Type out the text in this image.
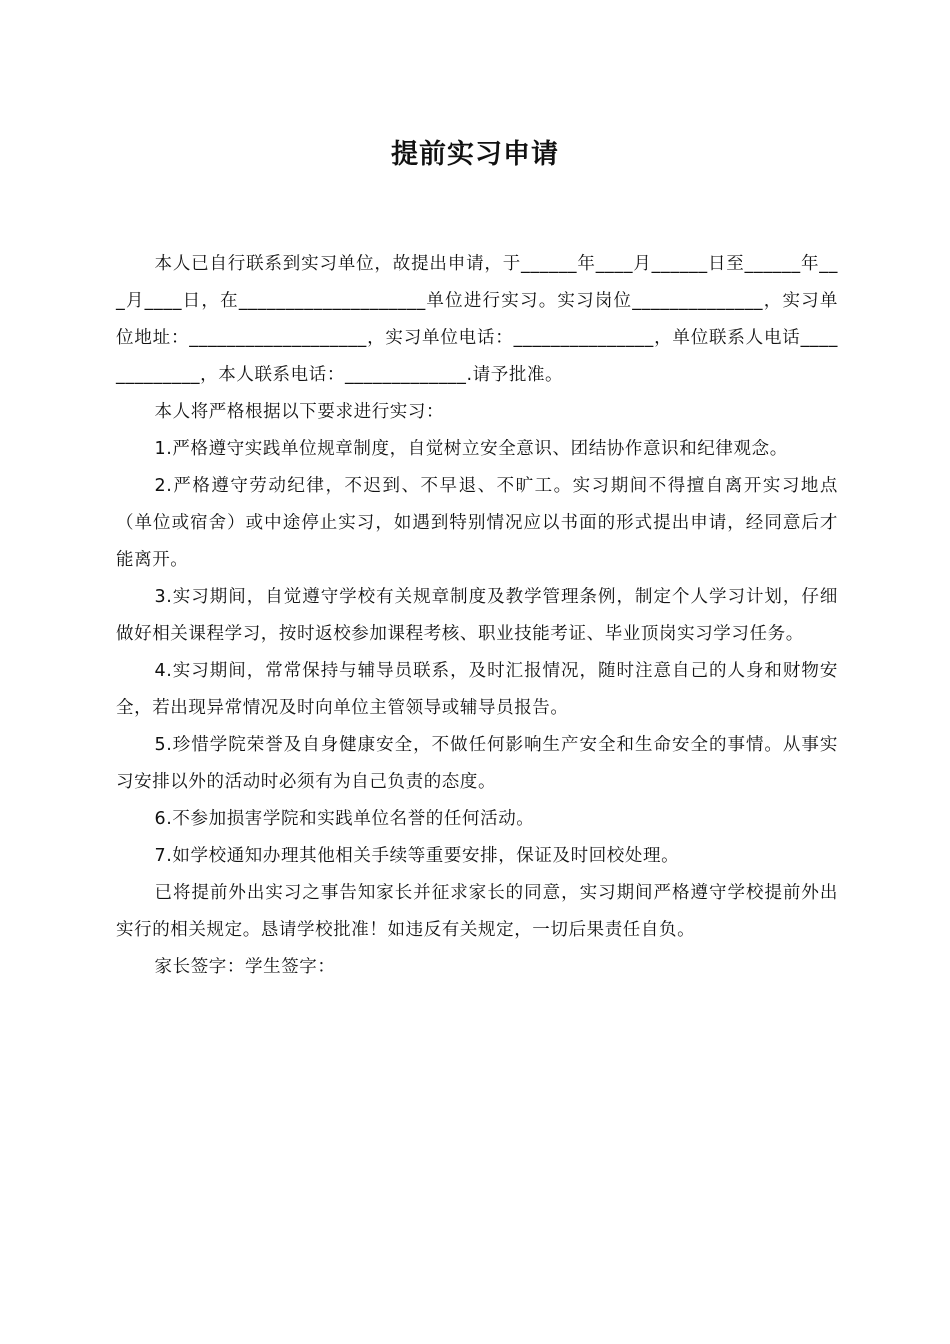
提前实习申请

本人已自行联系到实习单位，故提出申请，于______年____月______日至______年___月____日，在____________________单位进行实习。实习岗位______________，实习单位地址：___________________，实习单位电话：_______________，单位联系人电话_____________，本人联系电话：_____________.请予批准。

本人将严格根据以下要求进行实习：

1.严格遵守实践单位规章制度，自觉树立安全意识、团结协作意识和纪律观念。

2.严格遵守劳动纪律，不迟到、不早退、不旷工。实习期间不得擅自离开实习地点（单位或宿舍）或中途停止实习，如遇到特别情况应以书面的形式提出申请，经同意后才能离开。

3.实习期间，自觉遵守学校有关规章制度及教学管理条例，制定个人学习计划，仔细做好相关课程学习，按时返校参加课程考核、职业技能考证、毕业顶岗实习学习任务。

4.实习期间，常常保持与辅导员联系，及时汇报情况，随时注意自己的人身和财物安全，若出现异常情况及时向单位主管领导或辅导员报告。

5.珍惜学院荣誉及自身健康安全，不做任何影响生产安全和生命安全的事情。从事实习安排以外的活动时必须有为自己负责的态度。

6.不参加损害学院和实践单位名誉的任何活动。

7.如学校通知办理其他相关手续等重要安排，保证及时回校处理。

已将提前外出实习之事告知家长并征求家长的同意，实习期间严格遵守学校提前外出实行的相关规定。恳请学校批准！如违反有关规定，一切后果责任自负。

家长签字：学生签字：
